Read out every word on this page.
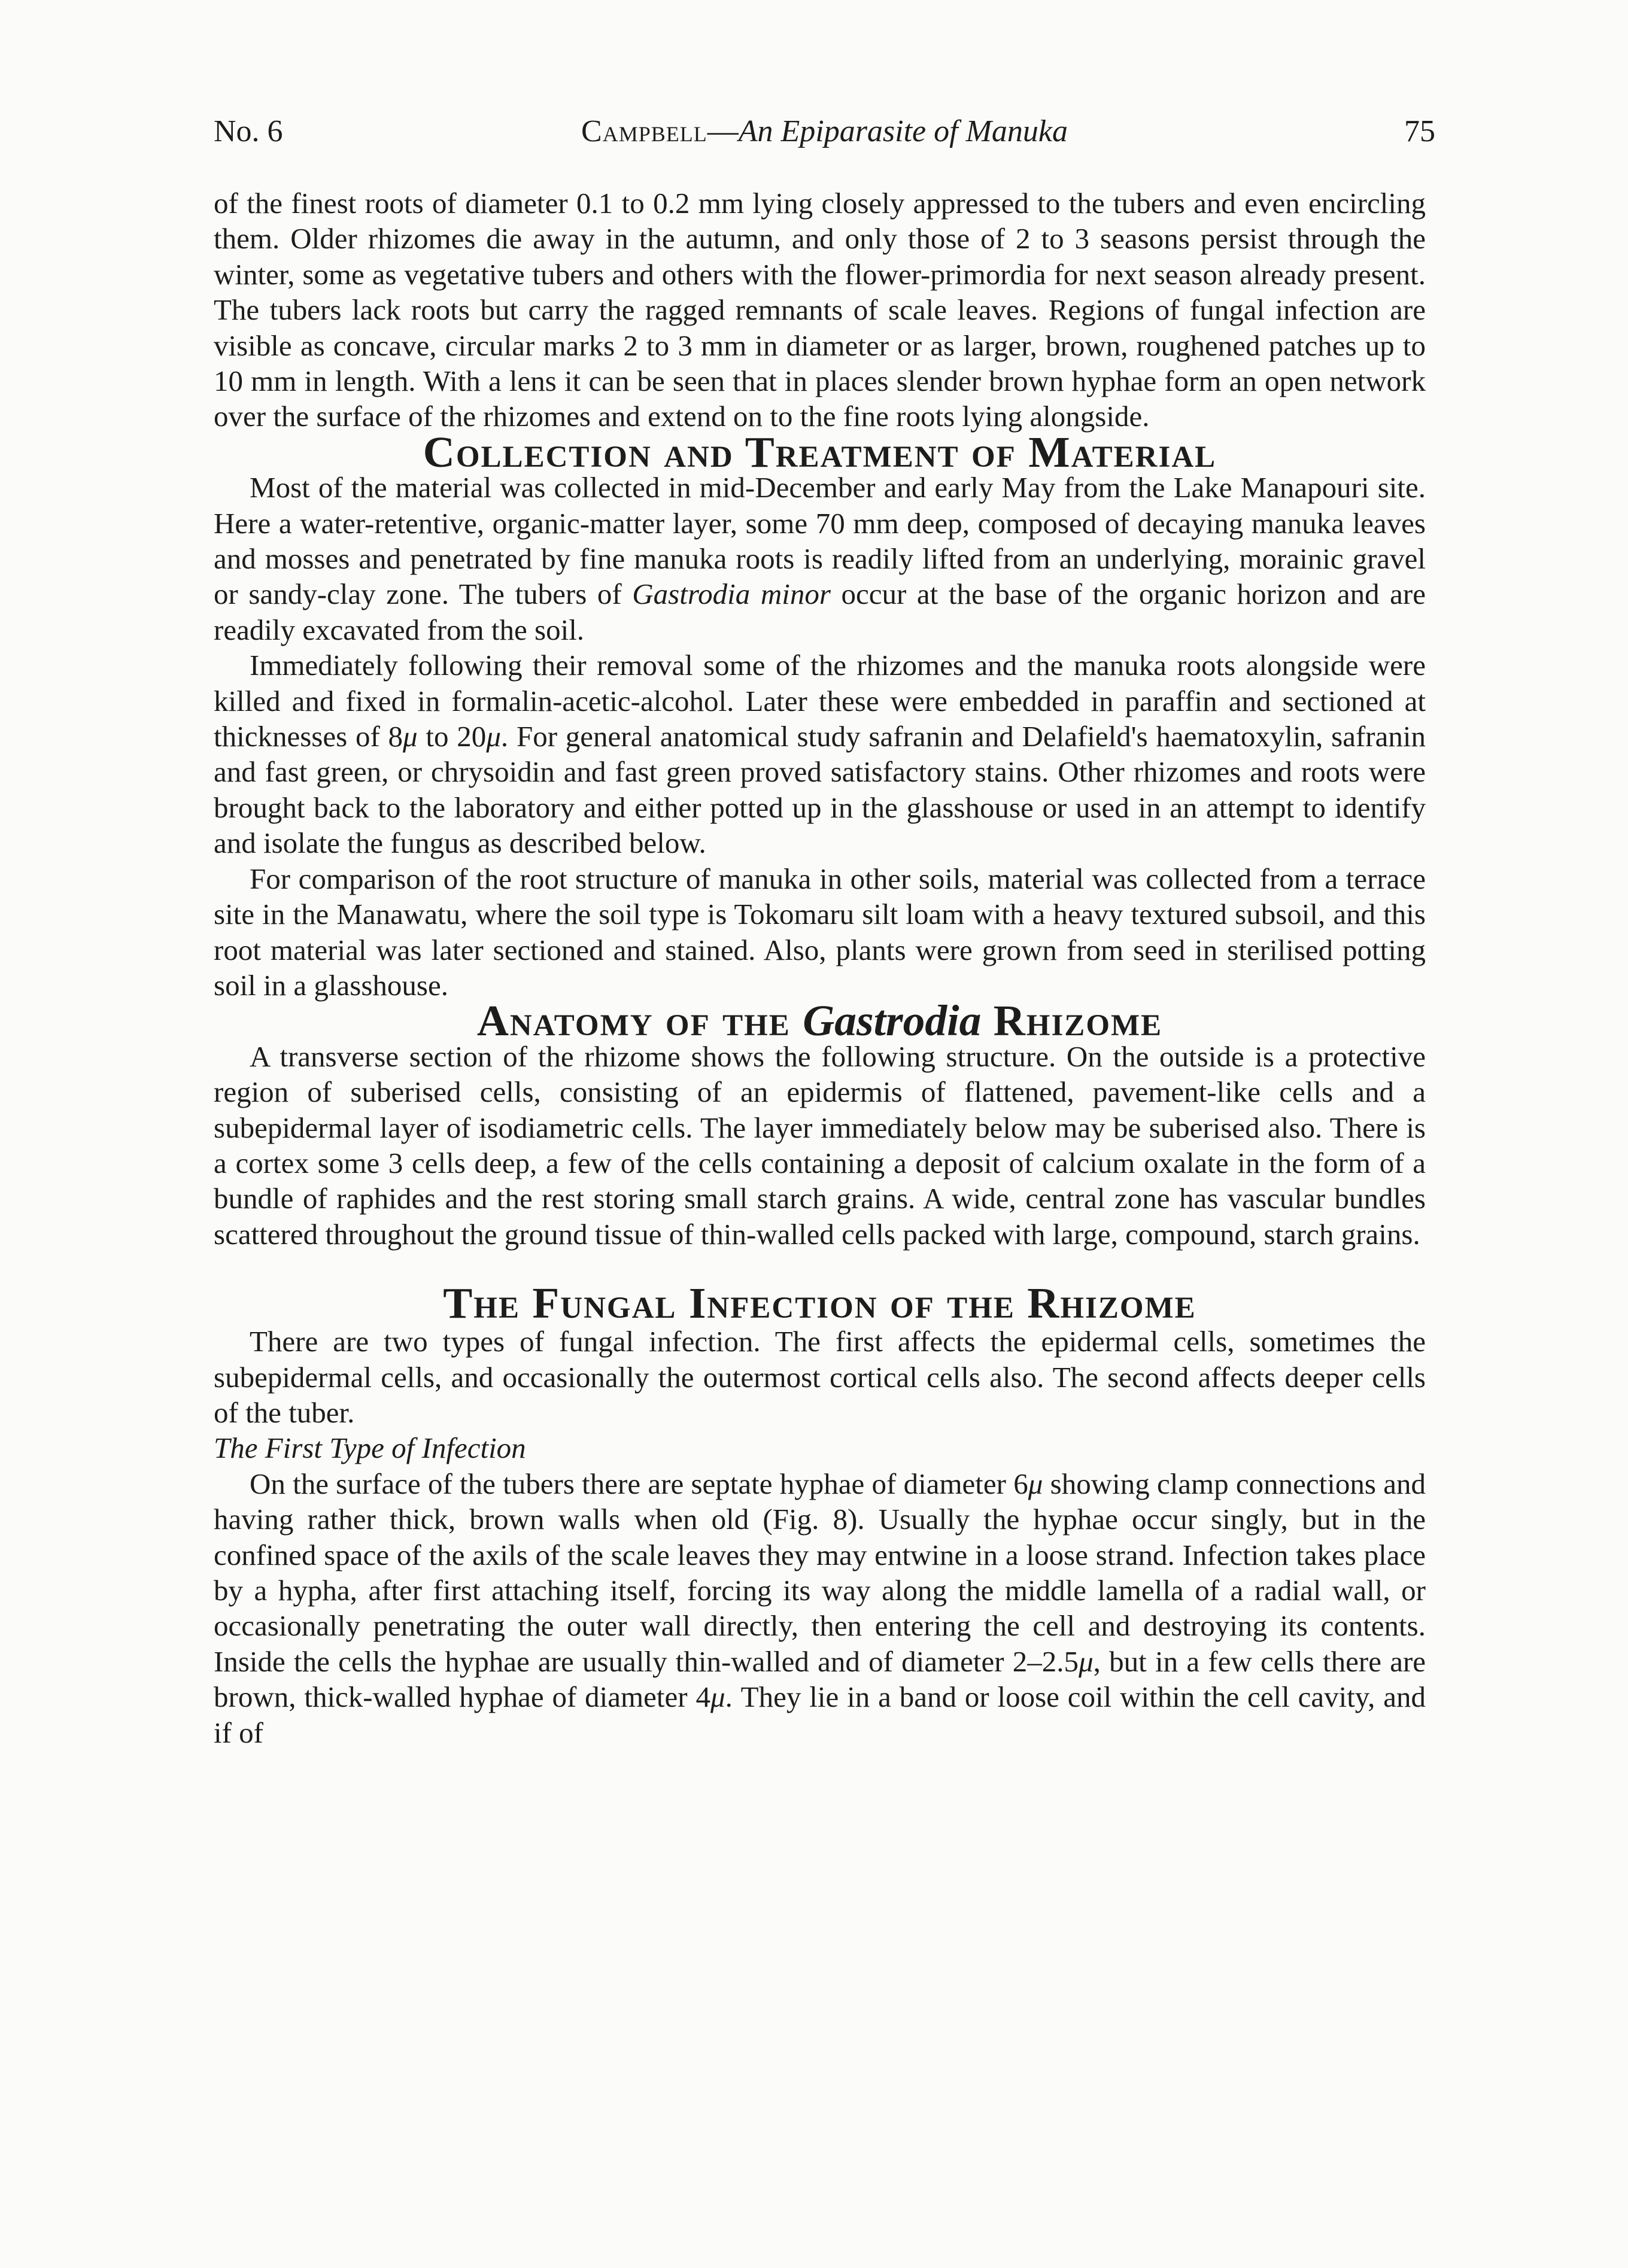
No. 6	Campbell—An Epiparasite of Manuka	75

of the finest roots of diameter 0.1 to 0.2 mm lying closely appressed to the tubers and even encircling them. Older rhizomes die away in the autumn, and only those of 2 to 3 seasons persist through the winter, some as vegetative tubers and others with the flower-primordia for next season already present. The tubers lack roots but carry the ragged remnants of scale leaves. Regions of fungal infection are visible as concave, circular marks 2 to 3 mm in diameter or as larger, brown, roughened patches up to 10 mm in length. With a lens it can be seen that in places slender brown hyphae form an open network over the surface of the rhizomes and extend on to the fine roots lying alongside.

Collection and Treatment of Material

Most of the material was collected in mid-December and early May from the Lake Manapouri site. Here a water-retentive, organic-matter layer, some 70 mm deep, composed of decaying manuka leaves and mosses and penetrated by fine manuka roots is readily lifted from an underlying, morainic gravel or sandy-clay zone. The tubers of Gastrodia minor occur at the base of the organic horizon and are readily excavated from the soil.

Immediately following their removal some of the rhizomes and the manuka roots alongside were killed and fixed in formalin-acetic-alcohol. Later these were embedded in paraffin and sectioned at thicknesses of 8μ to 20μ. For general anatomical study safranin and Delafield's haematoxylin, safranin and fast green, or chrysoidin and fast green proved satisfactory stains. Other rhizomes and roots were brought back to the laboratory and either potted up in the glasshouse or used in an attempt to identify and isolate the fungus as described below.

For comparison of the root structure of manuka in other soils, material was collected from a terrace site in the Manawatu, where the soil type is Tokomaru silt loam with a heavy textured subsoil, and this root material was later sectioned and stained. Also, plants were grown from seed in sterilised potting soil in a glasshouse.

Anatomy of the Gastrodia Rhizome

A transverse section of the rhizome shows the following structure. On the outside is a protective region of suberised cells, consisting of an epidermis of flattened, pavement-like cells and a subepidermal layer of isodiametric cells. The layer immediately below may be suberised also. There is a cortex some 3 cells deep, a few of the cells containing a deposit of calcium oxalate in the form of a bundle of raphides and the rest storing small starch grains. A wide, central zone has vascular bundles scattered throughout the ground tissue of thin-walled cells packed with large, compound, starch grains.

The Fungal Infection of the Rhizome

There are two types of fungal infection. The first affects the epidermal cells, sometimes the subepidermal cells, and occasionally the outermost cortical cells also. The second affects deeper cells of the tuber.

The First Type of Infection

On the surface of the tubers there are septate hyphae of diameter 6μ showing clamp connections and having rather thick, brown walls when old (Fig. 8). Usually the hyphae occur singly, but in the confined space of the axils of the scale leaves they may entwine in a loose strand. Infection takes place by a hypha, after first attaching itself, forcing its way along the middle lamella of a radial wall, or occasionally penetrating the outer wall directly, then entering the cell and destroying its contents. Inside the cells the hyphae are usually thin-walled and of diameter 2–2.5μ, but in a few cells there are brown, thick-walled hyphae of diameter 4μ. They lie in a band or loose coil within the cell cavity, and if of
